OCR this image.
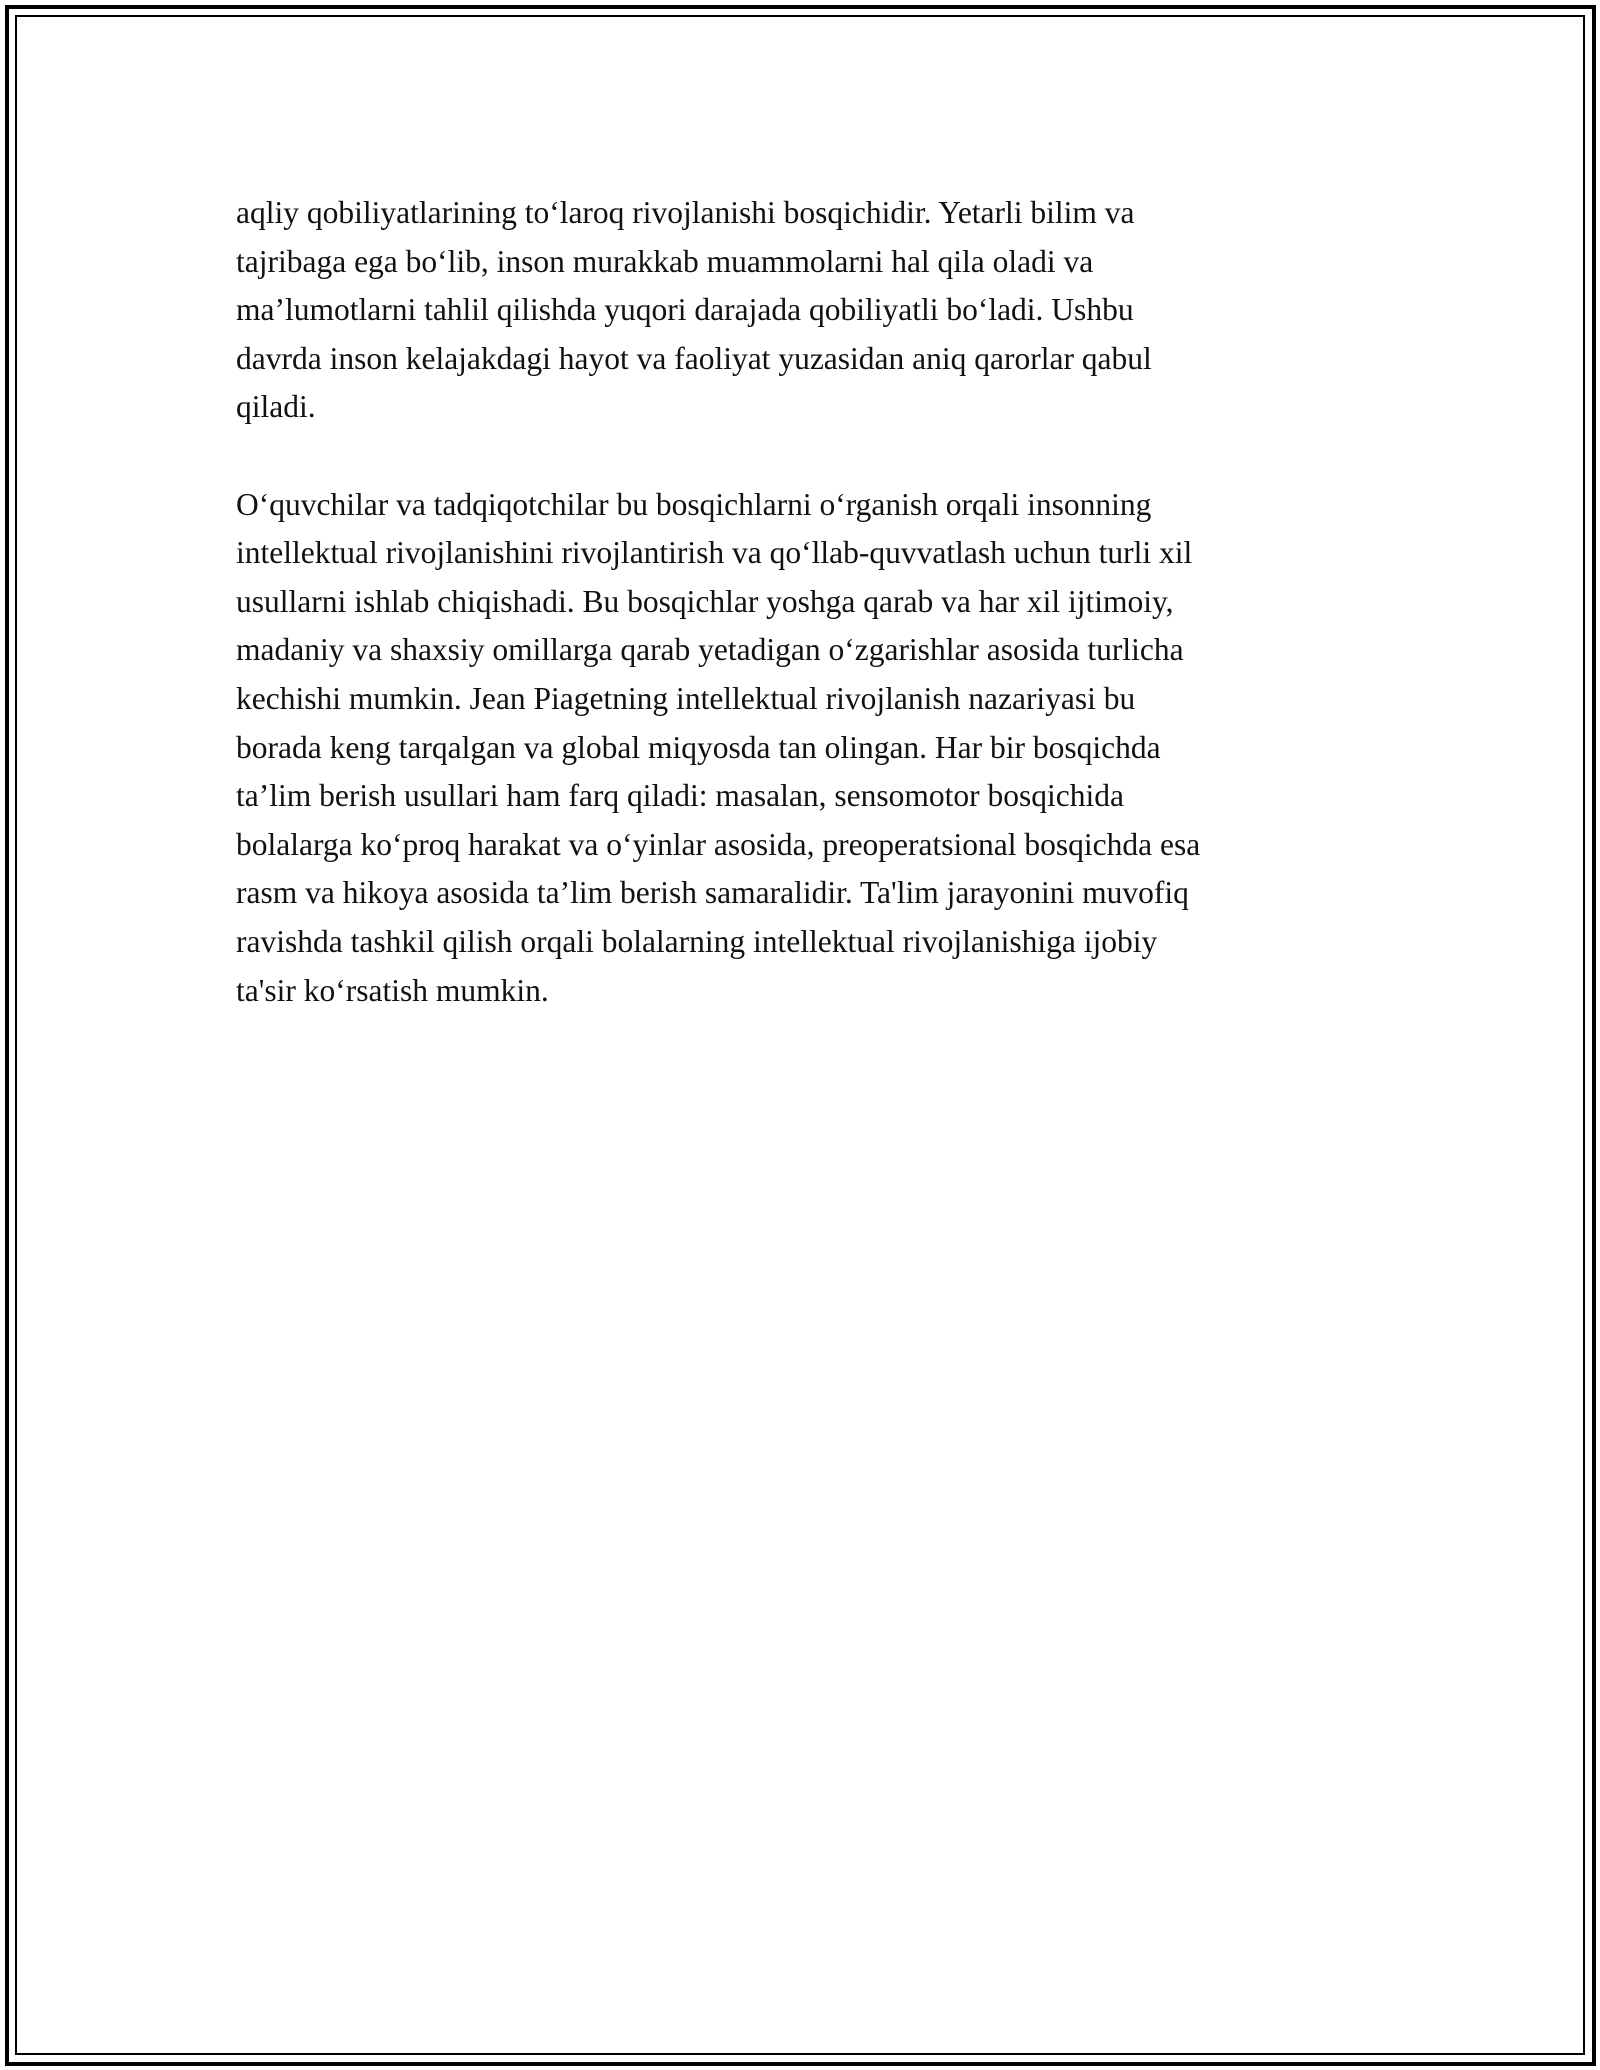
aqliy qobiliyatlarining to‘laroq rivojlanishi bosqichidir. Yetarli bilim va
tajribaga ega bo‘lib, inson murakkab muammolarni hal qila oladi va
ma’lumotlarni tahlil qilishda yuqori darajada qobiliyatli bo‘ladi. Ushbu
davrda inson kelajakdagi hayot va faoliyat yuzasidan aniq qarorlar qabul
qiladi.

O‘quvchilar va tadqiqotchilar bu bosqichlarni o‘rganish orqali insonning
intellektual rivojlanishini rivojlantirish va qo‘llab-quvvatlash uchun turli xil
usullarni ishlab chiqishadi. Bu bosqichlar yoshga qarab va har xil ijtimoiy,
madaniy va shaxsiy omillarga qarab yetadigan o‘zgarishlar asosida turlicha
kechishi mumkin. Jean Piagetning intellektual rivojlanish nazariyasi bu
borada keng tarqalgan va global miqyosda tan olingan. Har bir bosqichda
ta’lim berish usullari ham farq qiladi: masalan, sensomotor bosqichida
bolalarga ko‘proq harakat va o‘yinlar asosida, preoperatsional bosqichda esa
rasm va hikoya asosida ta’lim berish samaralidir. Ta'lim jarayonini muvofiq
ravishda tashkil qilish orqali bolalarning intellektual rivojlanishiga ijobiy
ta'sir ko‘rsatish mumkin.
